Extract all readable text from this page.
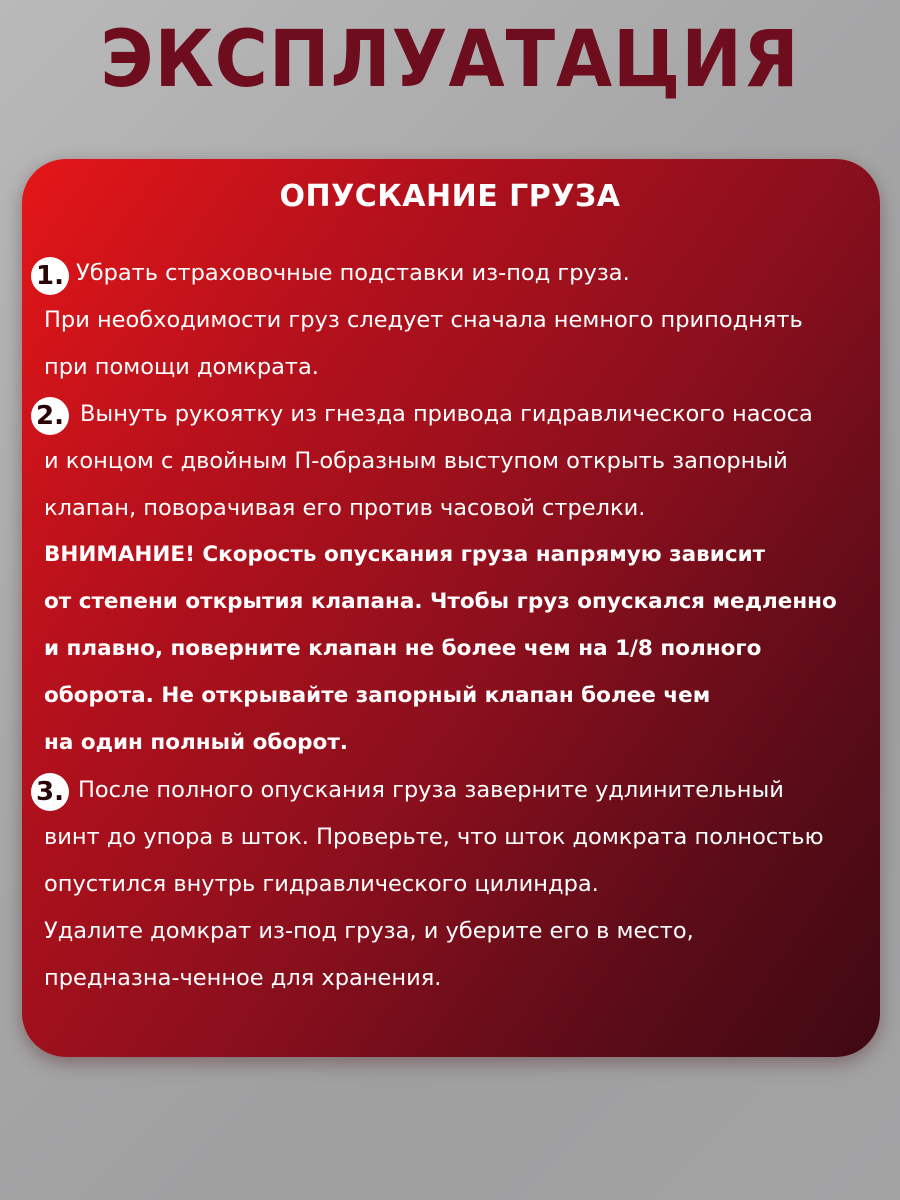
ЭКСПЛУАТАЦИЯ
ОПУСКАНИЕ ГРУЗА
1.
2.
3.
Убрать страховочные подставки из-под груза.
При необходимости груз следует сначала немного приподнять
при помощи домкрата.
Вынуть рукоятку из гнезда привода гидравлического насоса
и концом с двойным П-образным выступом открыть запорный
клапан, поворачивая его против часовой стрелки.
ВНИМАНИЕ! Скорость опускания груза напрямую зависит
от степени открытия клапана. Чтобы груз опускался медленно
и плавно, поверните клапан не более чем на 1/8 полного
оборота. Не открывайте запорный клапан более чем
на один полный оборот.
После полного опускания груза заверните удлинительный
винт до упора в шток. Проверьте, что шток домкрата полностью
опустился внутрь гидравлического цилиндра.
Удалите домкрат из-под груза, и уберите его в место,
предназна-ченное для хранения.
